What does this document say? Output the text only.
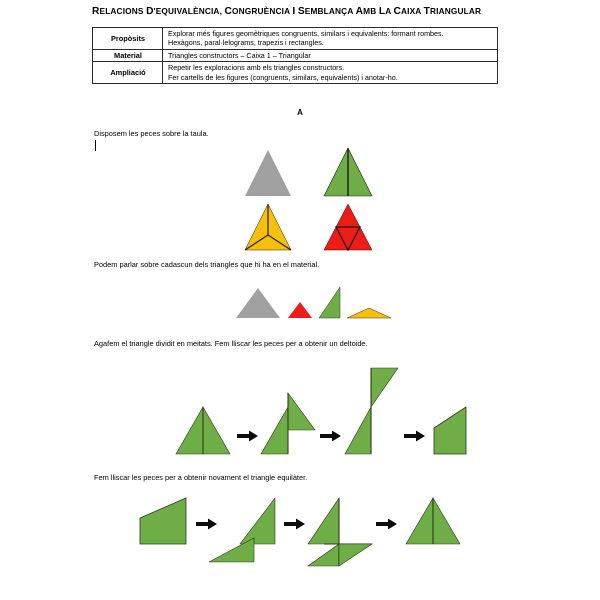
RELACIONS D'EQUIVALÈNCIA, CONGRUÈNCIA I SEMBLANÇA AMB LA CAIXA TRIANGULAR
Propòsits	Explorar més figures geomètriques congruents, similars i equivalents: formant rombes.
Hexàgons, paral·lelograms, trapezis i rectangles.

Material	Triangles constructors – Caixa 1 – Triangular

Ampliació	Repetir les exploracions amb els triangles constructors.
Fer cartells de les figures (congruents, similars, equivalents) i anotar-ho.
A
Disposem les peces sobre la taula.
Podem parlar sobre cadascun dels triangles que hi ha en el material.
Agafem el triangle dividit en meitats. Fem lliscar les peces per a obtenir un deltoide.
Fem lliscar les peces per a obtenir novament el triangle equilàter.
